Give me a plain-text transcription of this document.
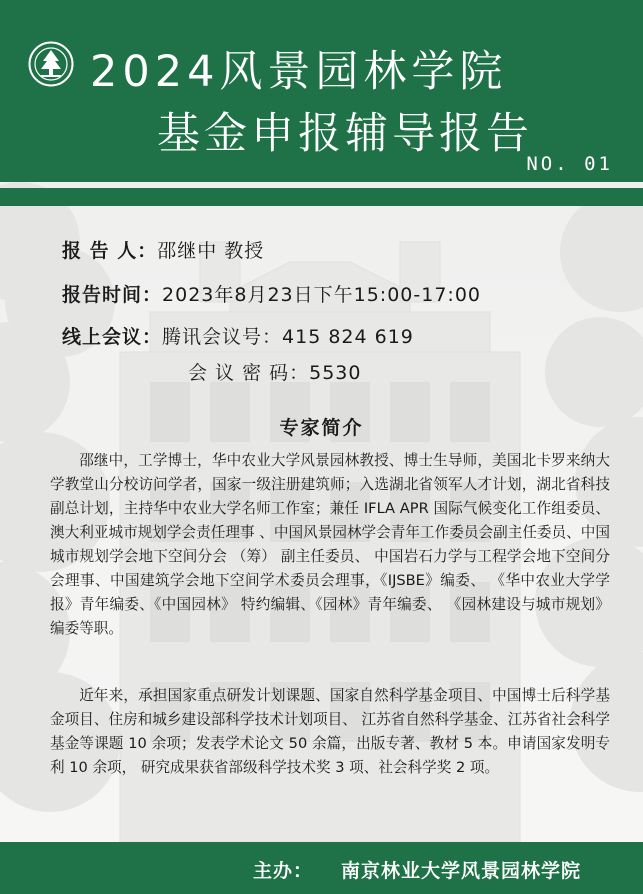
2024风景园林学院
基金申报辅导报告
NO. 01
报 告 人：邵继中 教授
报告时间：2023年8月23日下午15:00-17:00
线上会议：腾讯会议号：415 824 619
会 议 密 码：5530
专家简介
邵继中，工学博士，华中农业大学风景园林教授、博士生导师，美国北卡罗来纳大学教堂山分校访问学者，国家一级注册建筑师；入选湖北省领军人才计划，湖北省科技副总计划，主持华中农业大学名师工作室；兼任 IFLA APR 国际气候变化工作组委员、澳大利亚城市规划学会责任理事 、中国风景园林学会青年工作委员会副主任委员、中国城市规划学会地下空间分会 （筹） 副主任委员、 中国岩石力学与工程学会地下空间分会理事、中国建筑学会地下空间学术委员会理事，《IJSBE》编委、 《华中农业大学学报》青年编委、《中国园林》 特约编辑、《园林》青年编委、 《园林建设与城市规划》编委等职。
近年来，承担国家重点研发计划课题、国家自然科学基金项目、中国博士后科学基金项目、住房和城乡建设部科学技术计划项目、 江苏省自然科学基金、江苏省社会科学基金等课题 10 余项；发表学术论文 50 余篇，出版专著、教材 5 本。申请国家发明专利 10 余项， 研究成果获省部级科学技术奖 3 项、社会科学奖 2 项。
主办： 南京林业大学风景园林学院
